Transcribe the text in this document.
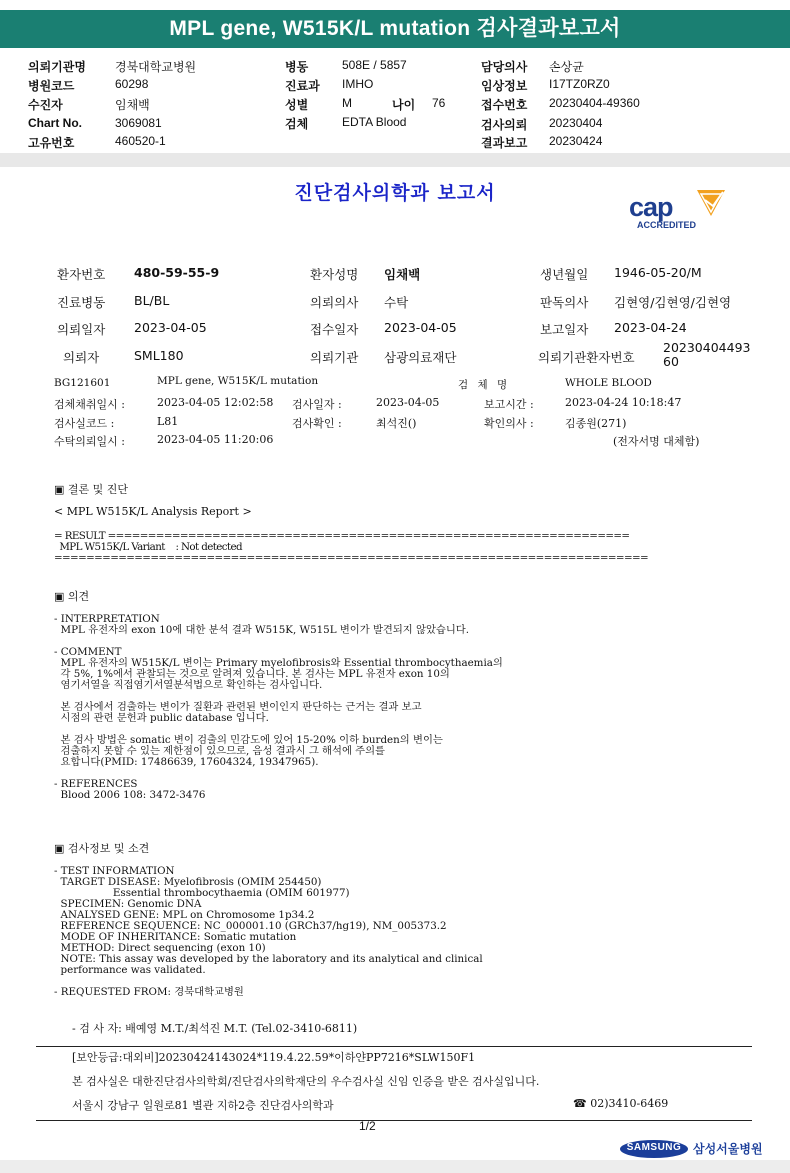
MPL gene, W515K/L mutation 검사결과보고서
의뢰기관명 경북대학교병원
병원코드	60298
수진자	임채백
Chart No.	3069081
고유번호	460520-1
병동	508E / 5857
진료과 IMHO
성별	M	나이 76
검체	EDTA Blood
담당의사 손상균
임상정보 I17TZ0RZ0
접수번호 20230404-49360
검사의뢰 20230404
결과보고 20230424
진단검사의학과 보고서	cap
ACCREDITED
환자번호 480-59-55-9	환자성명 임채백	생년월일 1946-05-20/M
진료병동 BL/BL	의뢰의사 수탁	판독의사 김현영/김현영/김현영
의뢰일자 2023-04-05	접수일자 2023-04-05	보고일자 2023-04-24
의뢰자	SML180	의뢰기관 삼광의료재단	의뢰기관환자번호
2023040449360
BG121601	MPL gene, W515K/L mutation	검 체 명	WHOLE BLOOD
검체채취일시 :	2023-04-05 12:02:58 검사일자 :	2023-04-05	보고시간 :	2023-04-24 10:18:47
검사실코드 :	L81	검사확인 :	최석진()	확인의사 :	김종원(271)
수탁의뢰일시 :	2023-04-05 11:20:06	(전자서명 대체함)
▣ 결론 및 진단
< MPL W515K/L Analysis Report >
= RESULT =================================================================
MPL W515K/L Variant    : Not detected
==========================================================================
▣ 의견
- INTERPRETATION
MPL 유전자의 exon 10에 대한 분석 결과 W515K, W515L 변이가 발견되지 않았습니다.

- COMMENT
MPL 유전자의 W515K/L 변이는 Primary myelofibrosis와 Essential thrombocythaemia의
각 5%, 1%에서 관찰되는 것으로 알려져 있습니다. 본 검사는 MPL 유전자 exon 10의
염기서열을 직접염기서열분석법으로 확인하는 검사입니다.

본 검사에서 검출하는 변이가 질환과 관련된 변이인지 판단하는 근거는 결과 보고
시점의 관련 문헌과 public database 입니다.

본 검사 방법은 somatic 변이 검출의 민감도에 있어 15-20% 이하 burden의 변이는
검출하지 못할 수 있는 제한점이 있으므로, 음성 결과시 그 해석에 주의를
요합니다(PMID: 17486639, 17604324, 19347965).

- REFERENCES
Blood 2006 108: 3472-3476
▣ 검사정보 및 소견
- TEST INFORMATION
TARGET DISEASE: Myelofibrosis (OMIM 254450)
Essential thrombocythaemia (OMIM 601977)
SPECIMEN: Genomic DNA
ANALYSED GENE: MPL on Chromosome 1p34.2
REFERENCE SEQUENCE: NC_000001.10 (GRCh37/hg19), NM_005373.2
MODE OF INHERITANCE: Somatic mutation
METHOD: Direct sequencing (exon 10)
NOTE: This assay was developed by the laboratory and its analytical and clinical
performance was validated.

- REQUESTED FROM: 경북대학교병원
- 검 사 자: 배예영 M.T./최석진 M.T. (Tel.02-3410-6811)
[보안등급:대외비]20230424143024*119.4.22.59*이하얀PP7216*SLW150F1
본 검사실은 대한진단검사의학회/진단검사의학재단의 우수검사실 신임 인증을 받은 검사실입니다.
서울시 강남구 일원로81 별관 지하2층 진단검사의학과	☎ 02)3410-6469
1/2
SAMSUNG 삼성서울병원
